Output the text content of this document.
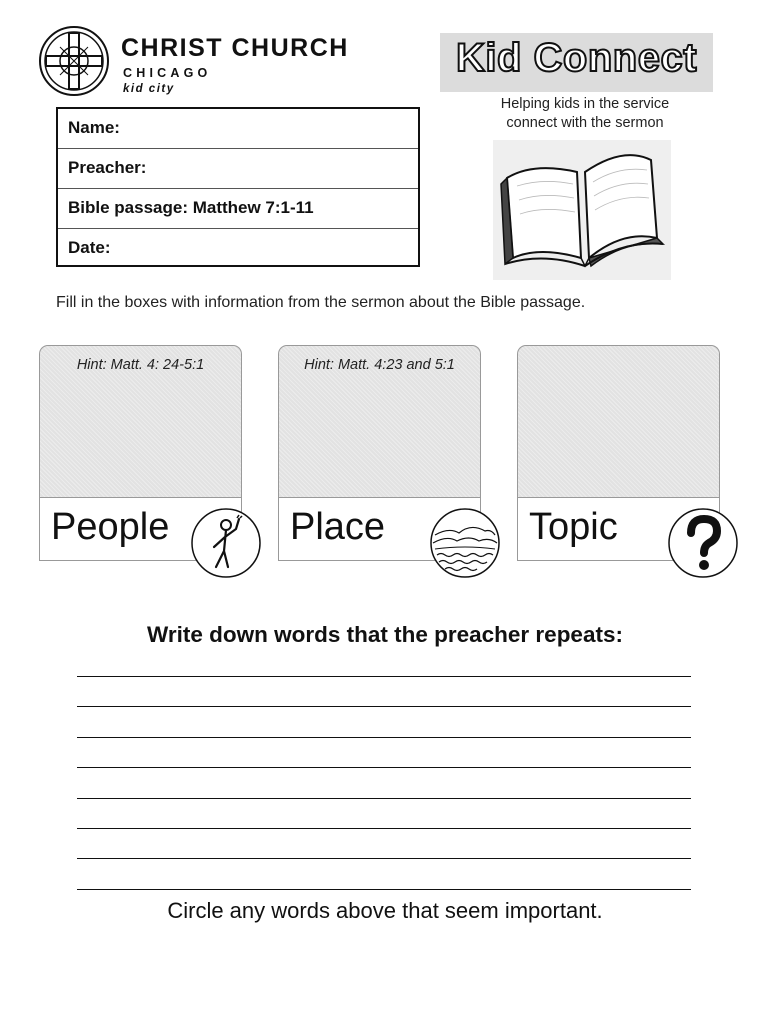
CHRIST CHURCH
CHICAGO
kid city
Kid Connect
Helping kids in the service
connect with the sermon
Name:
Preacher:
Bible passage: Matthew 7:1-11
Date:
Fill in the boxes with information from the sermon about the Bible passage.
Hint: Matt. 4: 24-5:1
People
Hint: Matt. 4:23 and 5:1
Place	Topic
Write down words that the preacher repeats:
Circle any words above that seem important.
